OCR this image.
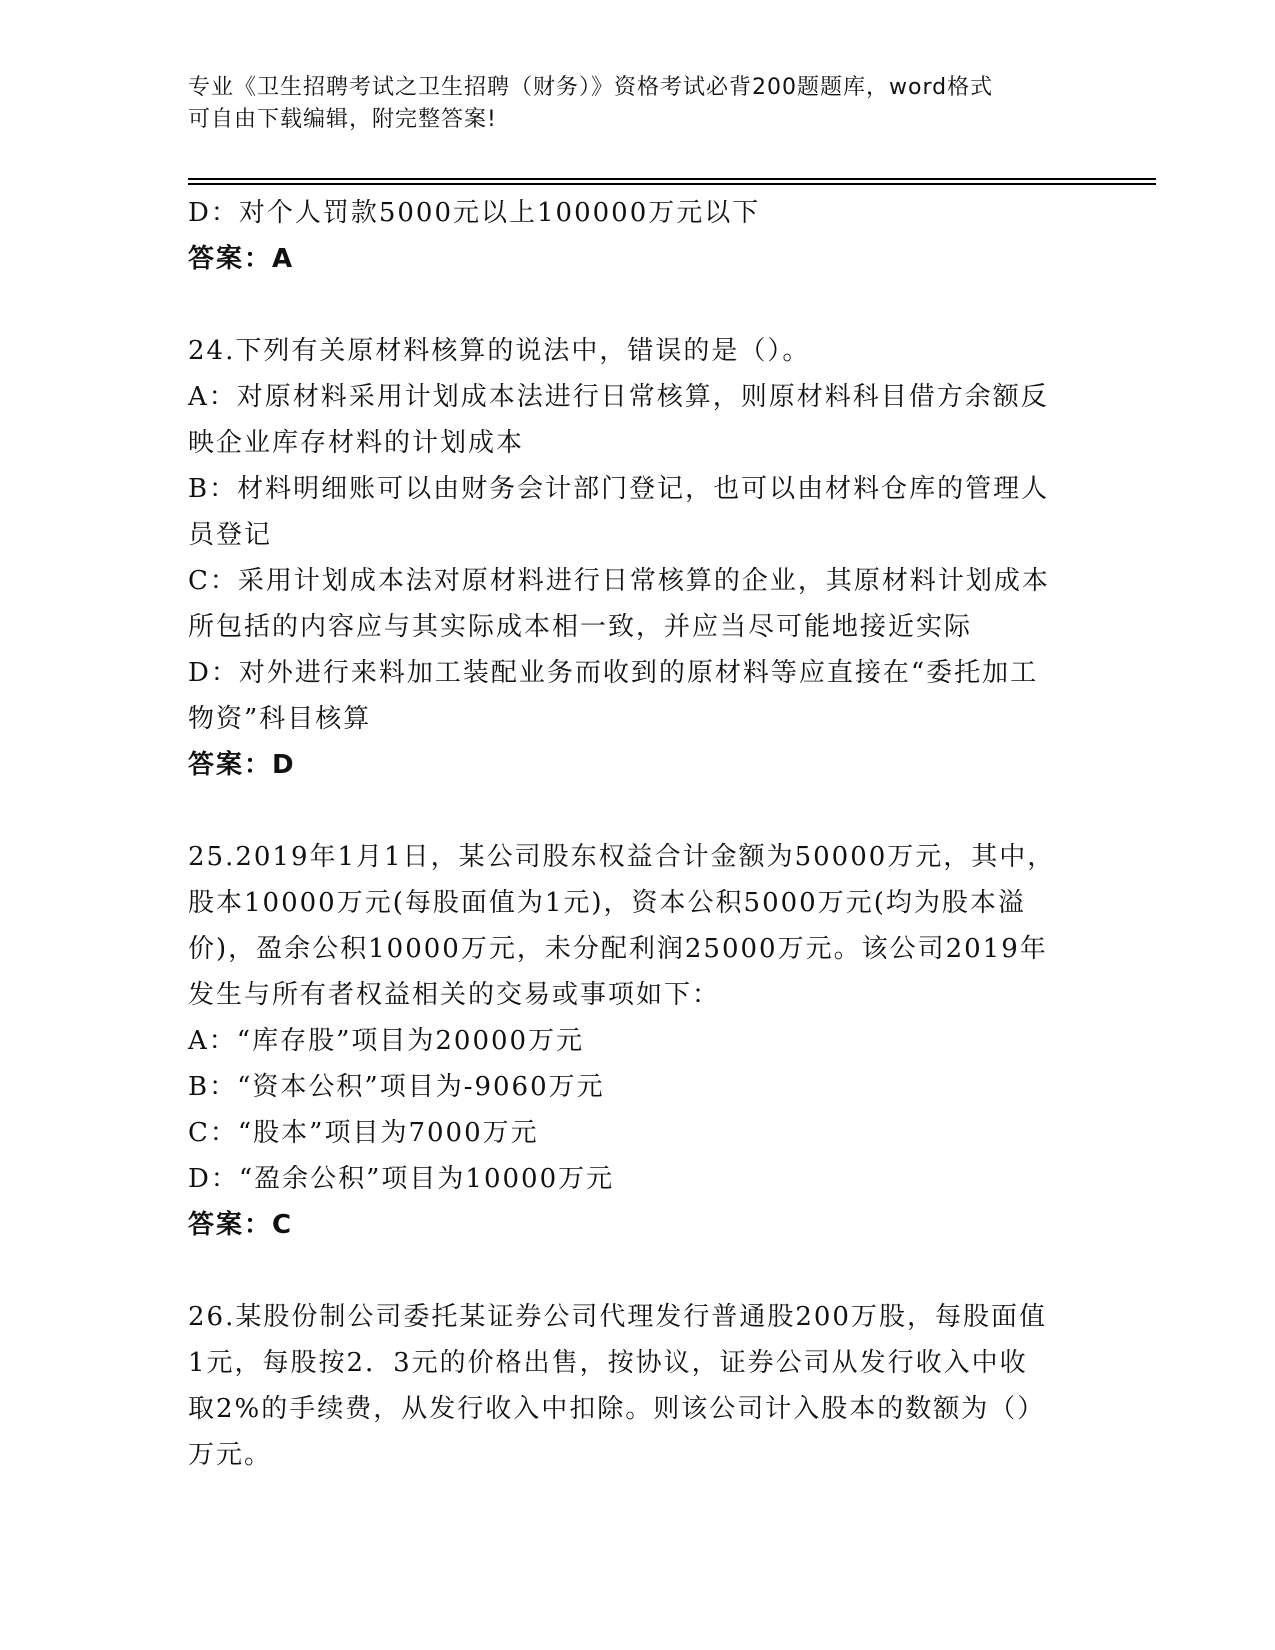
专业《卫生招聘考试之卫生招聘（财务）》资格考试必背200题题库，word格式
可自由下载编辑，附完整答案!
D：对个人罚款5000元以上100000万元以下
答案：A
24.下列有关原材料核算的说法中，错误的是（）。
A：对原材料采用计划成本法进行日常核算，则原材料科目借方余额反
映企业库存材料的计划成本
B：材料明细账可以由财务会计部门登记，也可以由材料仓库的管理人
员登记
C：采用计划成本法对原材料进行日常核算的企业，其原材料计划成本
所包括的内容应与其实际成本相一致，并应当尽可能地接近实际
D：对外进行来料加工装配业务而收到的原材料等应直接在“委托加工
物资”科目核算
答案：D
25.2019年1月1日，某公司股东权益合计金额为50000万元，其中，
股本10000万元(每股面值为1元)，资本公积5000万元(均为股本溢
价)，盈余公积10000万元，未分配利润25000万元。该公司2019年
发生与所有者权益相关的交易或事项如下：
A：“库存股”项目为20000万元
B：“资本公积”项目为-9060万元
C：“股本”项目为7000万元
D：“盈余公积”项目为10000万元
答案：C
26.某股份制公司委托某证券公司代理发行普通股200万股，每股面值
1元，每股按2．3元的价格出售，按协议，证券公司从发行收入中收
取2%的手续费，从发行收入中扣除。则该公司计入股本的数额为（）
万元。
